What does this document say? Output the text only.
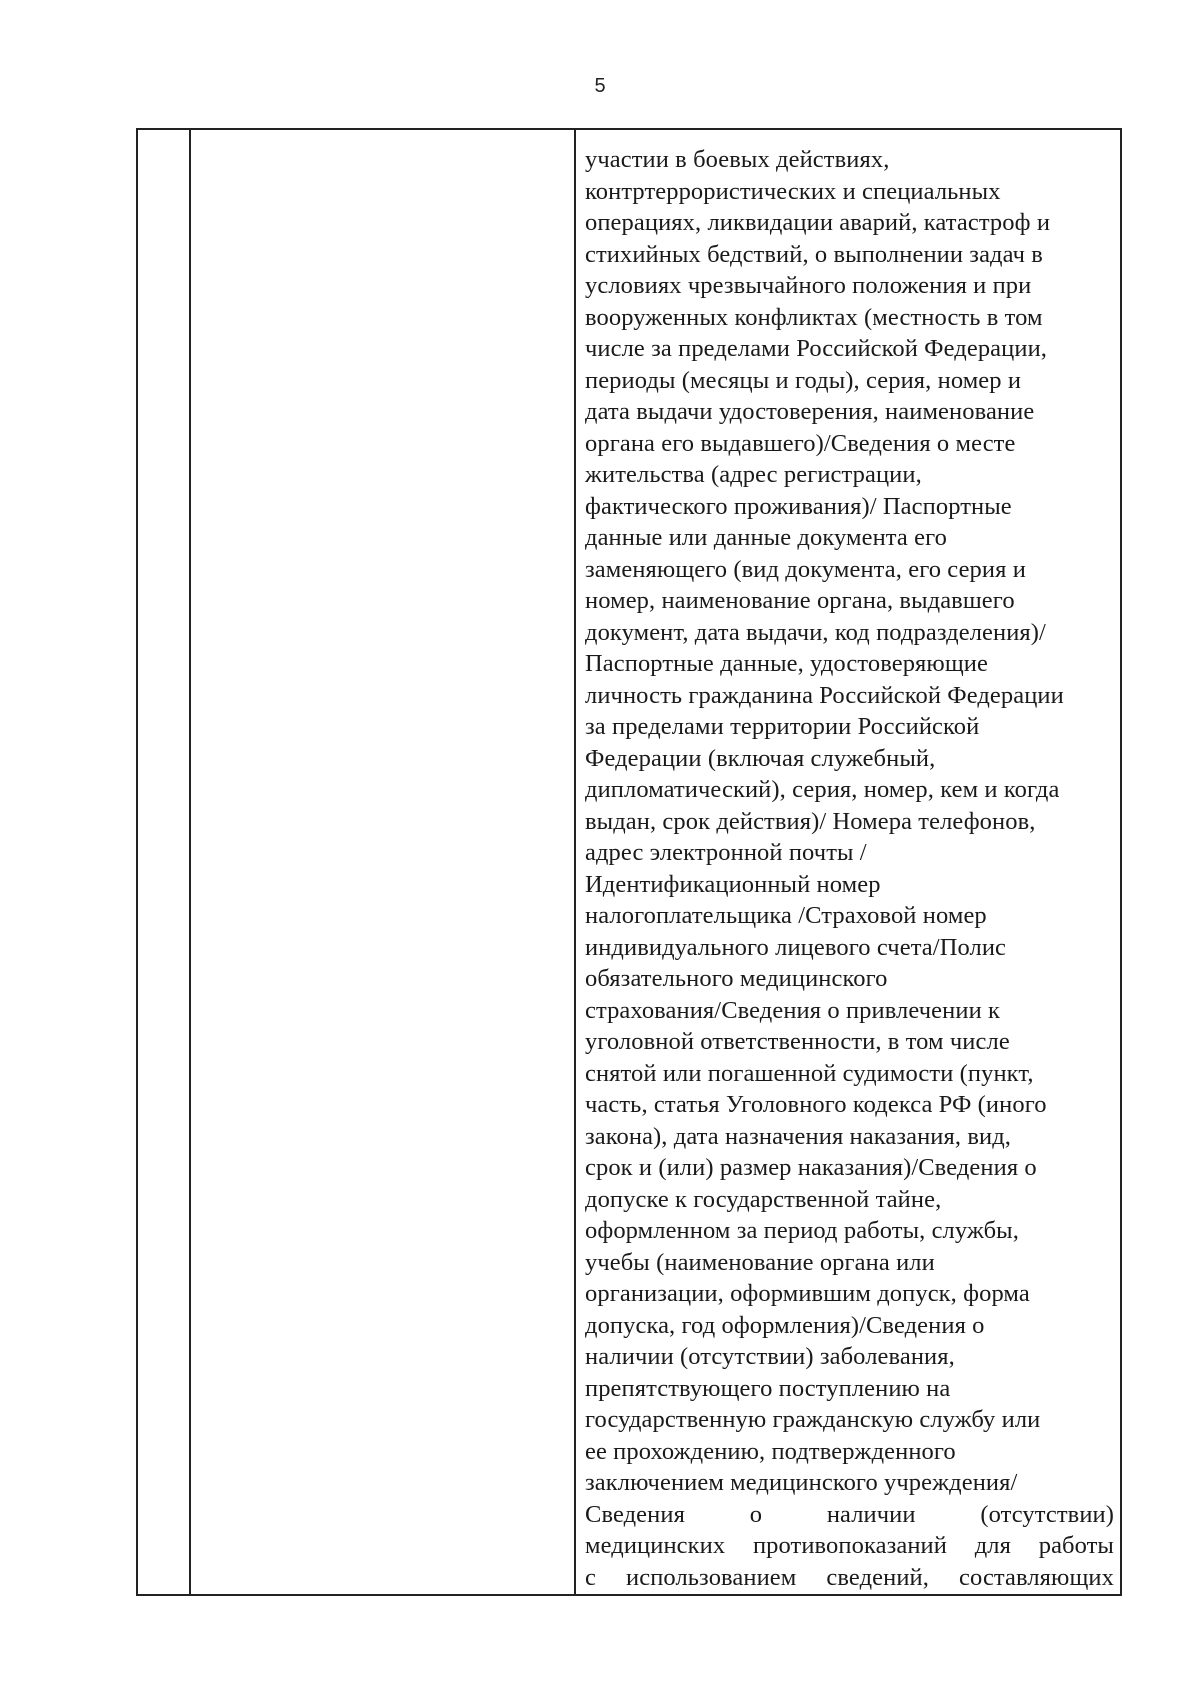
5
участии в боевых действиях,
контртеррористических и специальных
операциях, ликвидации аварий, катастроф и
стихийных бедствий, о выполнении задач в
условиях чрезвычайного положения и при
вооруженных конфликтах (местность в том
числе за пределами Российской Федерации,
периоды (месяцы и годы), серия, номер и
дата выдачи удостоверения, наименование
органа его выдавшего)/Сведения о месте
жительства (адрес регистрации,
фактического проживания)/ Паспортные
данные или данные документа его
заменяющего (вид документа, его серия и
номер, наименование органа, выдавшего
документ, дата выдачи, код подразделения)/
Паспортные данные, удостоверяющие
личность гражданина Российской Федерации
за пределами территории Российской
Федерации (включая служебный,
дипломатический), серия, номер, кем и когда
выдан, срок действия)/ Номера телефонов,
адрес электронной почты /
Идентификационный номер
налогоплательщика /Страховой номер
индивидуального лицевого счета/Полис
обязательного медицинского
страхования/Сведения о привлечении к
уголовной ответственности, в том числе
снятой или погашенной судимости (пункт,
часть, статья Уголовного кодекса РФ (иного
закона), дата назначения наказания, вид,
срок и (или) размер наказания)/Сведения о
допуске к государственной тайне,
оформленном за период работы, службы,
учебы (наименование органа или
организации, оформившим допуск, форма
допуска, год оформления)/Сведения о
наличии (отсутствии) заболевания,
препятствующего поступлению на
государственную гражданскую службу или
ее прохождению, подтвержденного
заключением медицинского учреждения/
Сведения о наличии (отсутствии)
медицинских противопоказаний для работы
с использованием сведений, составляющих
